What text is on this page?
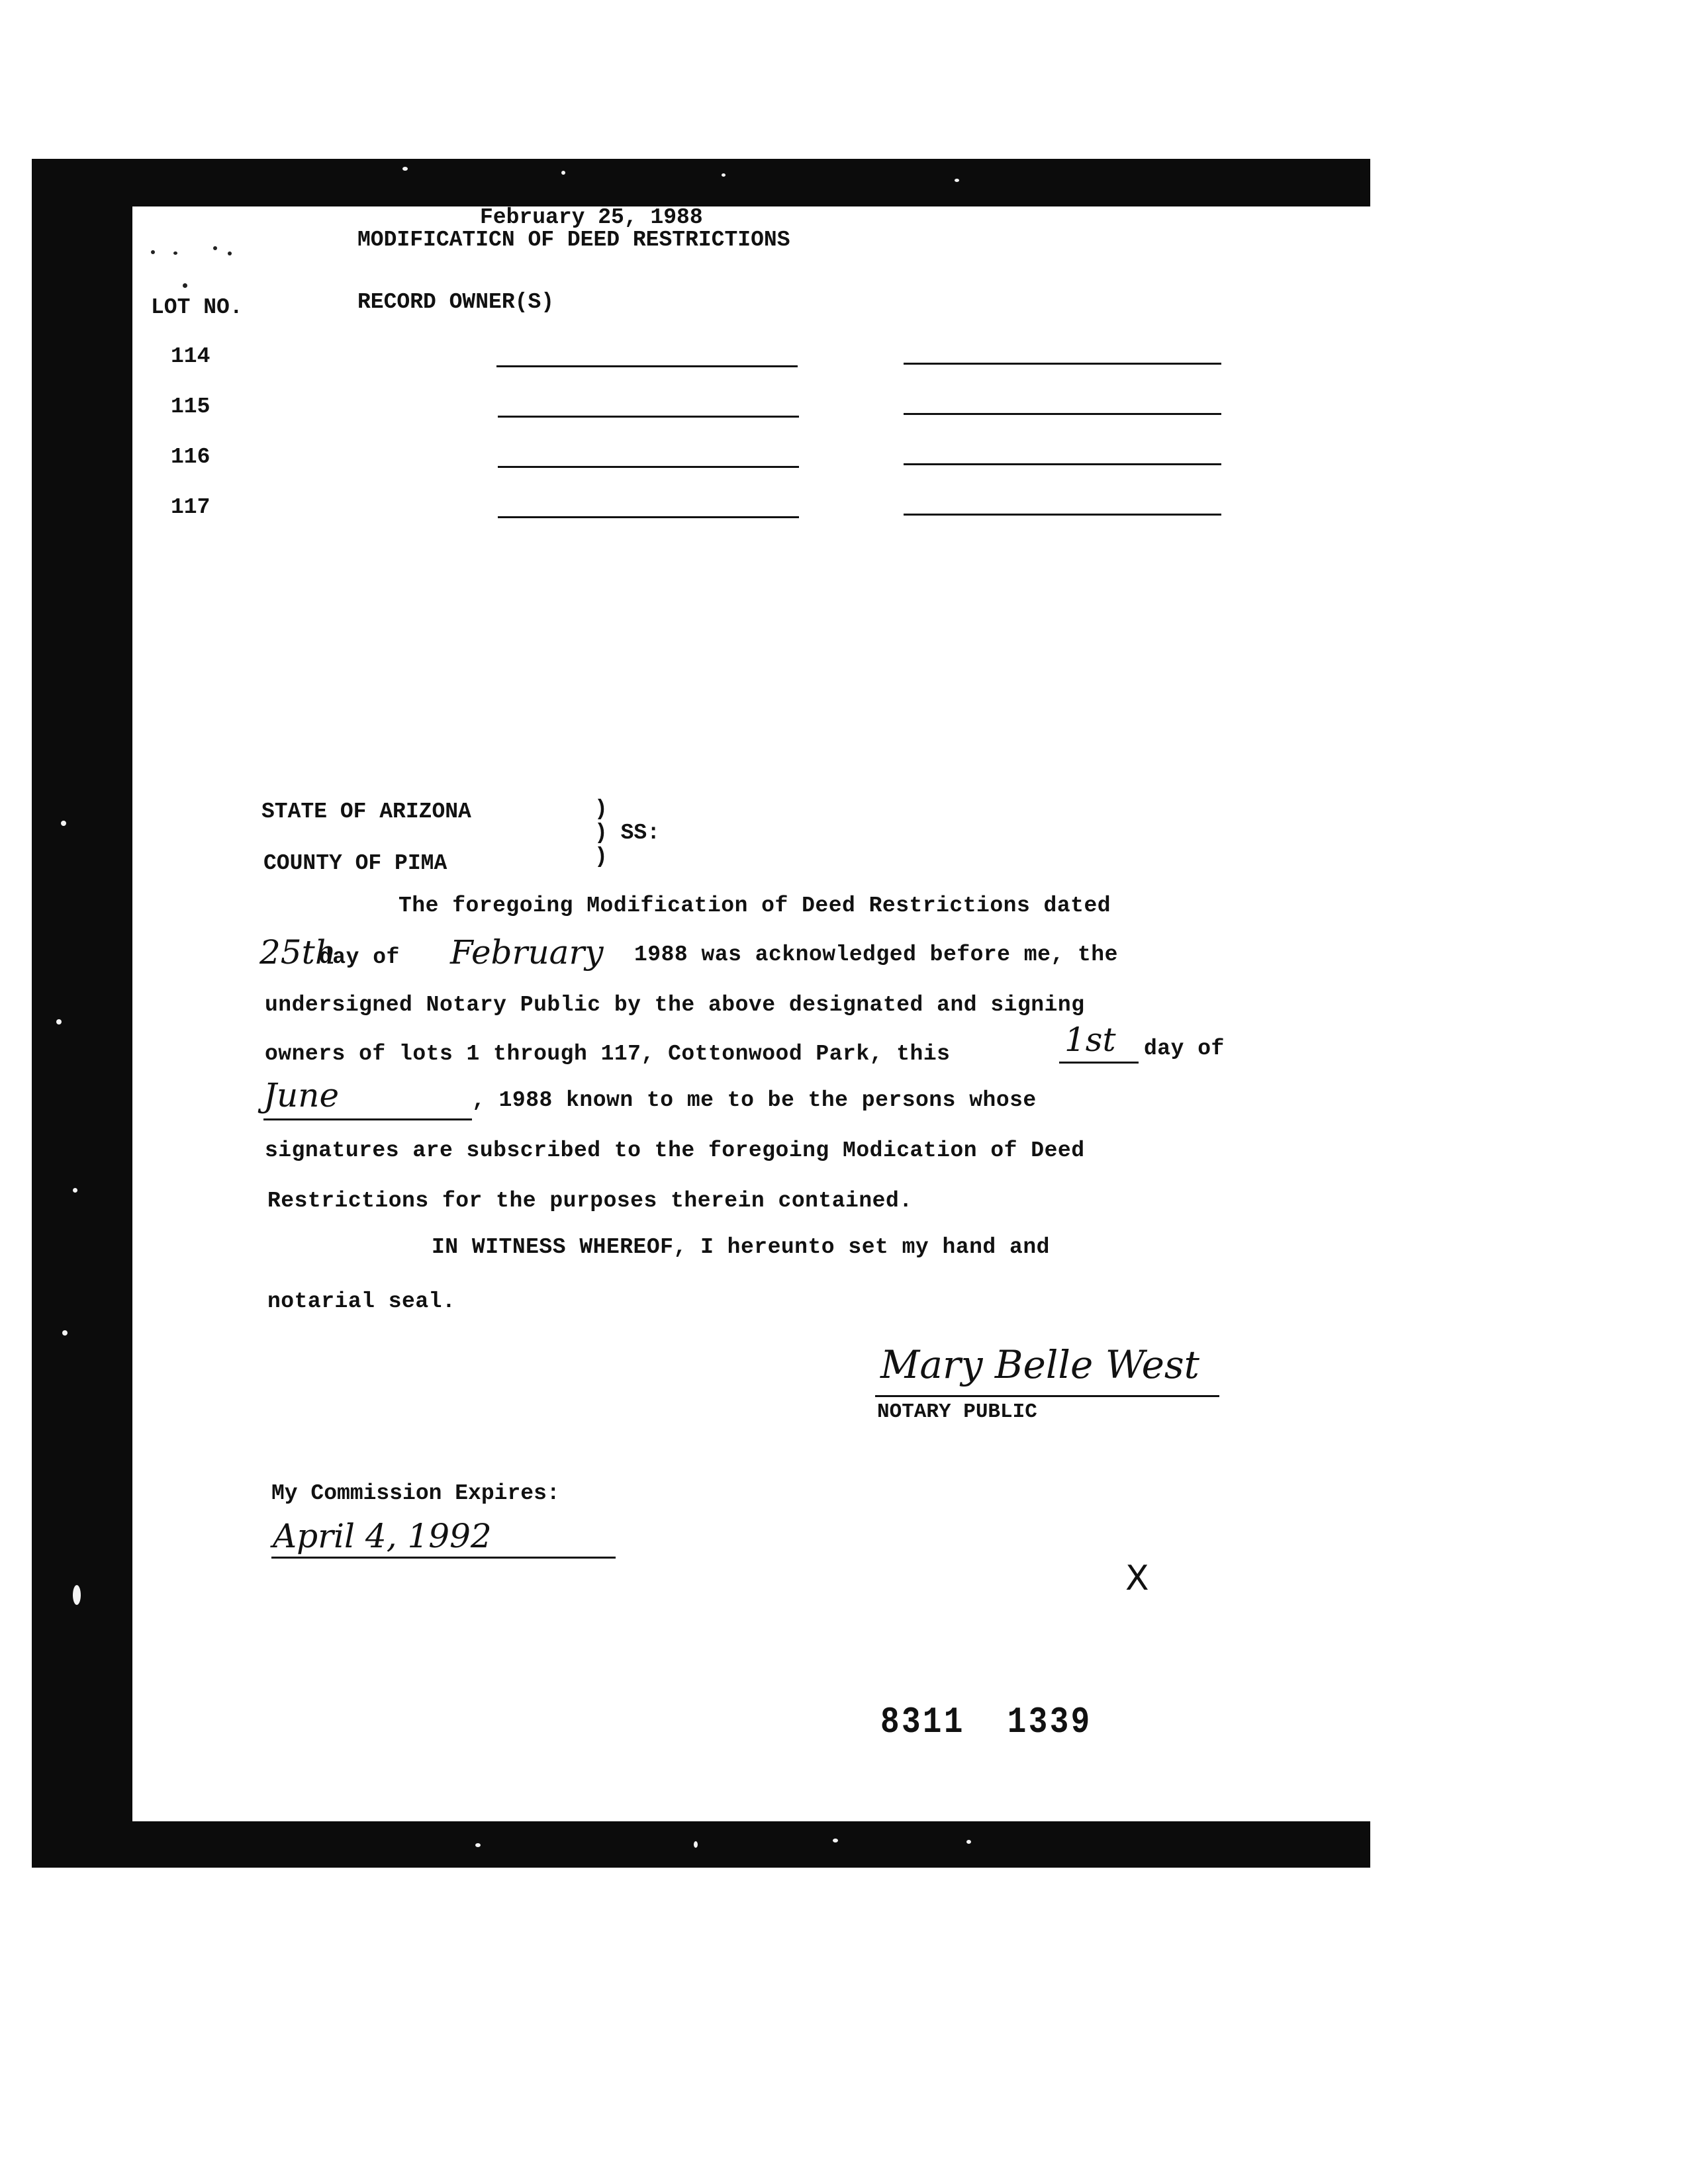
February 25, 1988
MODIFICATICN OF DEED RESTRICTIONS
LOT NO.	RECORD OWNER(S)
114
115
116
117
STATE OF ARIZONA	)
) SS:
)
COUNTY OF PIMA
The foregoing Modification of Deed Restrictions dated
25th
day of February 1988 was acknowledged before me, the
undersigned Notary Public by the above designated and signing
owners of lots 1 through 117, Cottonwood Park, this	1st day of
June	, 1988 known to me to be the persons whose
signatures are subscribed to the foregoing Modication of Deed
Restrictions for the purposes therein contained.
IN WITNESS WHEREOF, I hereunto set my hand and
notarial seal.
Mary Belle West
NOTARY PUBLIC
My Commission Expires:
April 4, 1992
X
8311  1339
